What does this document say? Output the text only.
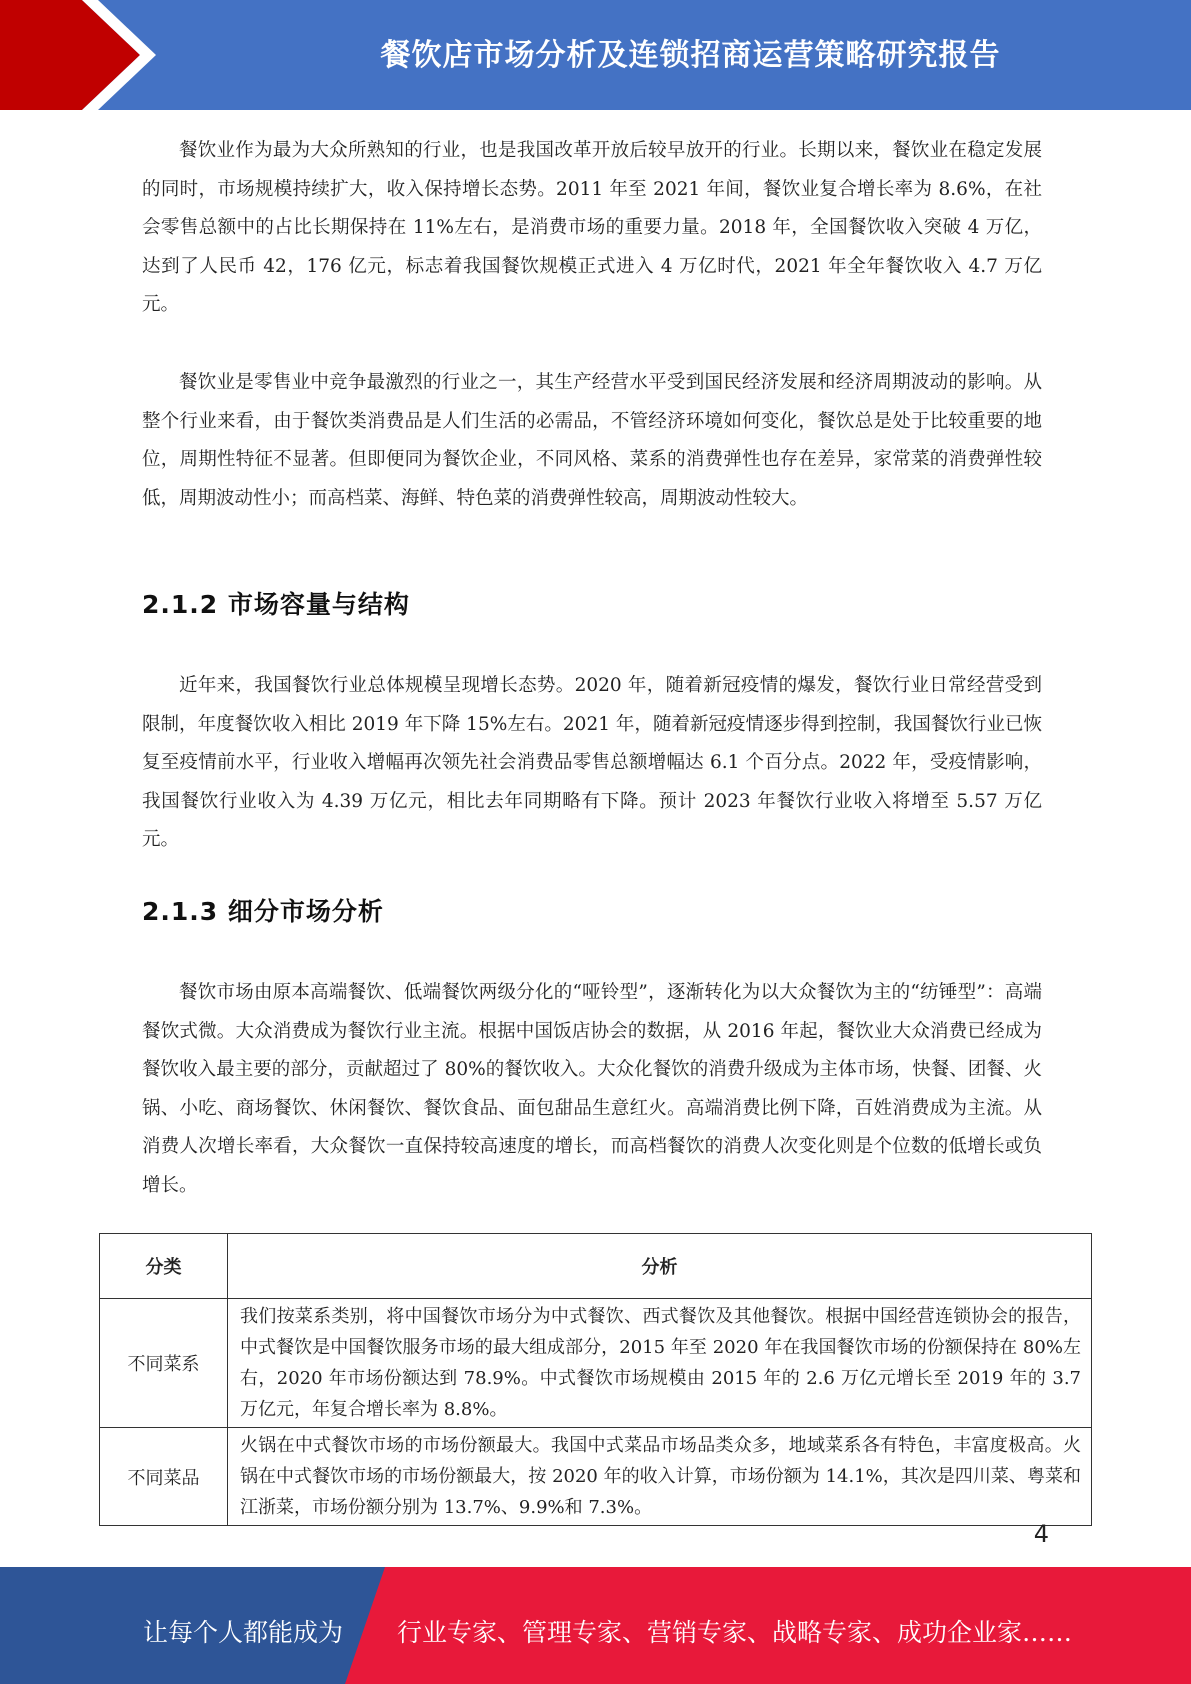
餐饮店市场分析及连锁招商运营策略研究报告

餐饮业作为最为大众所熟知的行业，也是我国改革开放后较早放开的行业。长期以来，餐饮业在稳定发展的同时，市场规模持续扩大，收入保持增长态势。2011 年至 2021 年间，餐饮业复合增长率为 8.6%，在社会零售总额中的占比长期保持在 11%左右，是消费市场的重要力量。2018 年，全国餐饮收入突破 4 万亿，达到了人民币 42，176 亿元，标志着我国餐饮规模正式进入 4 万亿时代，2021 年全年餐饮收入 4.7 万亿元。

餐饮业是零售业中竞争最激烈的行业之一，其生产经营水平受到国民经济发展和经济周期波动的影响。从整个行业来看，由于餐饮类消费品是人们生活的必需品，不管经济环境如何变化，餐饮总是处于比较重要的地位，周期性特征不显著。但即便同为餐饮企业，不同风格、菜系的消费弹性也存在差异，家常菜的消费弹性较低，周期波动性小；而高档菜、海鲜、特色菜的消费弹性较高，周期波动性较大。

2.1.2 市场容量与结构

近年来，我国餐饮行业总体规模呈现增长态势。2020 年，随着新冠疫情的爆发，餐饮行业日常经营受到限制，年度餐饮收入相比 2019 年下降 15%左右。2021 年，随着新冠疫情逐步得到控制，我国餐饮行业已恢复至疫情前水平，行业收入增幅再次领先社会消费品零售总额增幅达 6.1 个百分点。2022 年，受疫情影响，我国餐饮行业收入为 4.39 万亿元，相比去年同期略有下降。预计 2023 年餐饮行业收入将增至 5.57 万亿元。

2.1.3 细分市场分析

餐饮市场由原本高端餐饮、低端餐饮两级分化的“哑铃型”，逐渐转化为以大众餐饮为主的“纺锤型”：高端餐饮式微。大众消费成为餐饮行业主流。根据中国饭店协会的数据，从 2016 年起，餐饮业大众消费已经成为餐饮收入最主要的部分，贡献超过了 80%的餐饮收入。大众化餐饮的消费升级成为主体市场，快餐、团餐、火锅、小吃、商场餐饮、休闲餐饮、餐饮食品、面包甜品生意红火。高端消费比例下降，百姓消费成为主流。从消费人次增长率看，大众餐饮一直保持较高速度的增长，而高档餐饮的消费人次变化则是个位数的低增长或负增长。

分类	分析
不同菜系	我们按菜系类别，将中国餐饮市场分为中式餐饮、西式餐饮及其他餐饮。根据中国经营连锁协会的报告，中式餐饮是中国餐饮服务市场的最大组成部分，2015 年至 2020 年在我国餐饮市场的份额保持在 80%左右，2020 年市场份额达到 78.9%。中式餐饮市场规模由 2015 年的 2.6 万亿元增长至 2019 年的 3.7 万亿元，年复合增长率为 8.8%。
不同菜品	火锅在中式餐饮市场的市场份额最大。我国中式菜品市场品类众多，地域菜系各有特色，丰富度极高。火锅在中式餐饮市场的市场份额最大，按 2020 年的收入计算，市场份额为 14.1%，其次是四川菜、粤菜和江浙菜，市场份额分别为 13.7%、9.9%和 7.3%。
4
让每个人都能成为 行业专家、管理专家、营销专家、战略专家、成功企业家……
